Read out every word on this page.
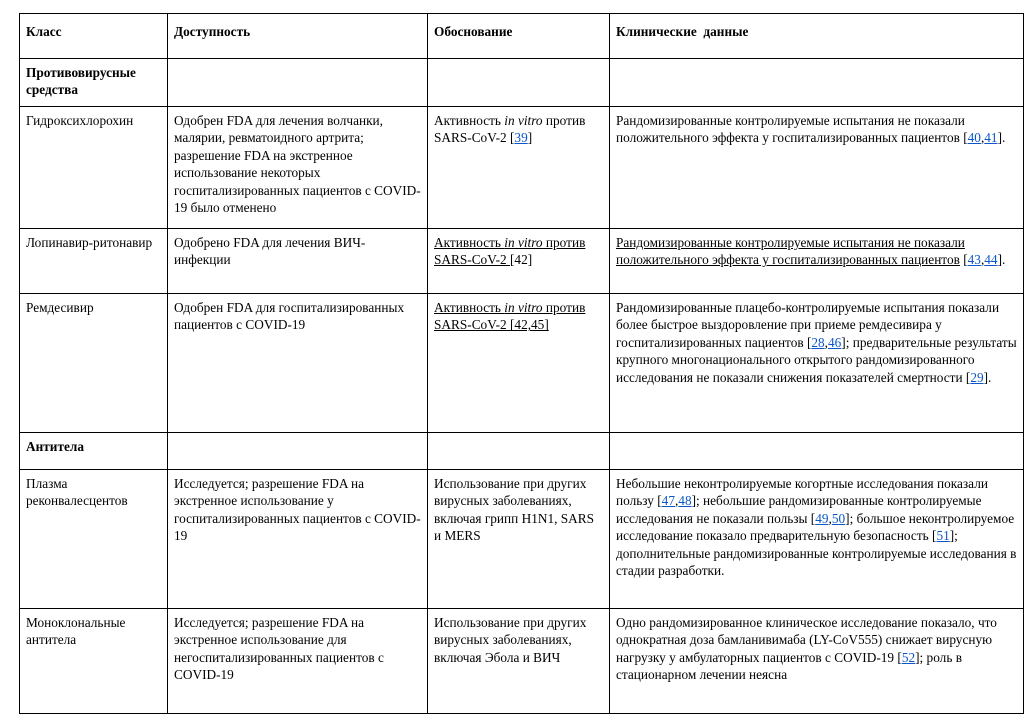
Класс	Доступность	Обоснование	Клинические  данные
Противовирусные средства			
Гидроксихлорохин	Одобрен FDA для лечения волчанки, малярии, ревматоидного артрита; разрешение FDA на экстренное использование некоторых госпитализированных пациентов с COVID-19 было отменено	Активность in vitro против SARS-CoV-2 [39]	Рандомизированные контролируемые испытания не показали положительного эффекта у госпитализированных пациентов [40,41].
Лопинавир-ритонавир	Одобрено FDA для лечения ВИЧ-инфекции	Активность in vitro против SARS-CoV-2 [42]	Рандомизированные контролируемые испытания не показали положительного эффекта у госпитализированных пациентов [43,44].
Ремдесивир	Одобрен FDA для госпитализированных пациентов с COVID-19	Активность in vitro против SARS-CoV-2 [42,45]	Рандомизированные плацебо-контролируемые испытания показали более быстрое выздоровление при приеме ремдесивира у госпитализированных пациентов [28,46]; предварительные результаты крупного многонационального открытого рандомизированного исследования не показали снижения показателей смертности [29].
Антитела			
Плазма реконвалесцентов	Исследуется; разрешение FDA на экстренное использование у госпитализированных пациентов с COVID-19	Использование при других вирусных заболеваниях, включая грипп H1N1, SARS и MERS	Небольшие неконтролируемые когортные исследования показали пользу [47,48]; небольшие рандомизированные контролируемые исследования не показали пользы [49,50]; большое неконтролируемое исследование показало предварительную безопасность [51]; дополнительные рандомизированные контролируемые исследования в стадии разработки.
Моноклональные антитела	Исследуется; разрешение FDA на экстренное использование для негоспитализированных пациентов с COVID-19	Использование при других вирусных заболеваниях, включая Эбола и ВИЧ	Одно рандомизированное клиническое исследование показало, что однократная доза бамланивимаба (LY-CoV555) снижает вирусную нагрузку у амбулаторных пациентов с COVID-19 [52]; роль в стационарном лечении неясна
